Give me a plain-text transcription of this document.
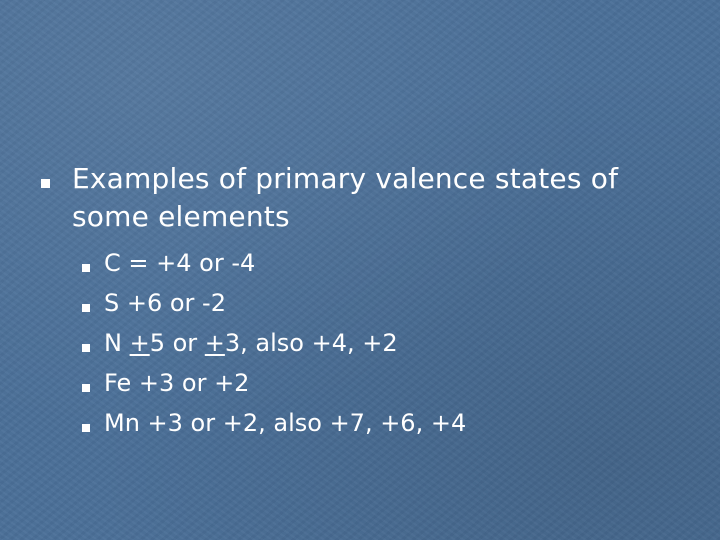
Examples of primary valence states of some elements
C = +4 or -4
S +6 or -2
N +5 or +3, also +4, +2
Fe +3 or +2
Mn +3 or +2, also +7, +6, +4
